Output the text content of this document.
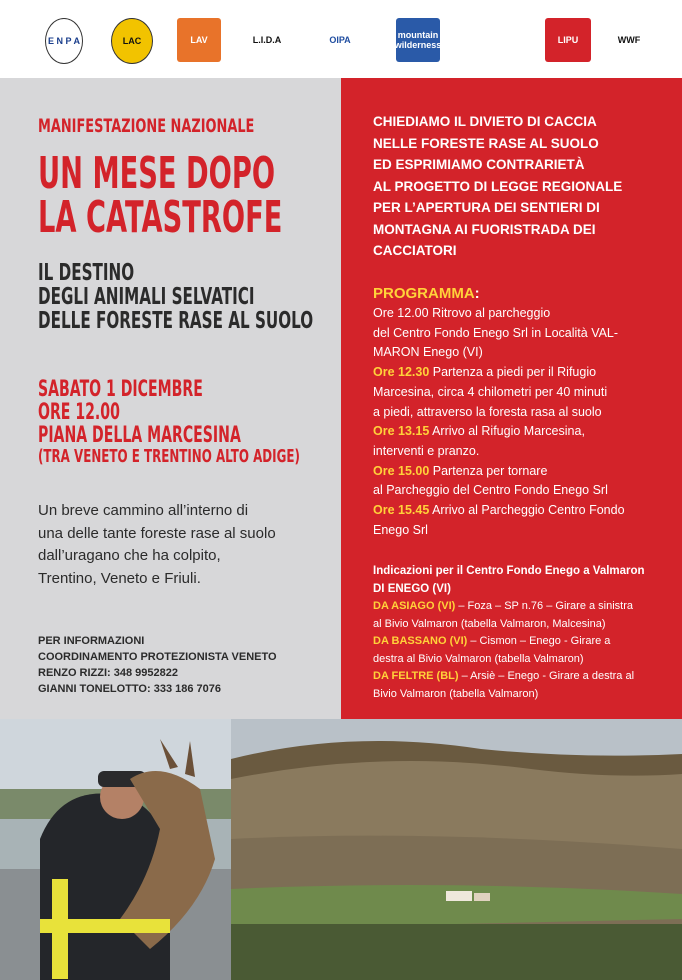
E N P A	LAC	LAV	L.I.D.A	OIPA	mountain wilderness	LIPU	WWF
MANIFESTAZIONE NAZIONALE
UN MESE DOPO
LA CATASTROFE
IL DESTINO
DEGLI ANIMALI SELVATICI
DELLE FORESTE RASE AL SUOLO
SABATO 1 DICEMBRE
ORE 12.00
PIANA DELLA MARCESINA
(TRA VENETO E TRENTINO ALTO ADIGE)
Un breve cammino all’interno di
una delle tante foreste rase al suolo
dall’uragano che ha colpito,
Trentino, Veneto e Friuli.
PER INFORMAZIONI
COORDINAMENTO PROTEZIONISTA VENETO
RENZO RIZZI: 348 9952822
GIANNI TONELOTTO: 333 186 7076
CHIEDIAMO IL DIVIETO DI CACCIA
NELLE FORESTE RASE AL SUOLO
ED ESPRIMIAMO CONTRARIETÀ
AL PROGETTO DI LEGGE REGIONALE
PER L’APERTURA DEI SENTIERI DI
MONTAGNA AI FUORISTRADA DEI
CACCIATORI
PROGRAMMA:
Ore 12.00 Ritrovo al parcheggio
del Centro Fondo Enego Srl in Località VAL-
MARON Enego (VI)
Ore 12.30 Partenza a piedi per il Rifugio
Marcesina, circa 4 chilometri per 40 minuti
a piedi, attraverso la foresta rasa al suolo
Ore 13.15 Arrivo al Rifugio Marcesina,
interventi e pranzo.
Ore 15.00 Partenza per tornare
al Parcheggio del Centro Fondo Enego Srl
Ore 15.45 Arrivo al Parcheggio Centro Fondo
Enego Srl
Indicazioni per il Centro Fondo Enego a Valmaron
DI ENEGO (VI)
DA ASIAGO (VI) – Foza – SP n.76 – Girare a sinistra
al Bivio Valmaron (tabella Valmaron, Malcesina)
DA BASSANO (VI) – Cismon – Enego - Girare a
destra al Bivio Valmaron (tabella Valmaron)
DA FELTRE (BL) – Arsiè – Enego - Girare a destra al
Bivio Valmaron (tabella Valmaron)
